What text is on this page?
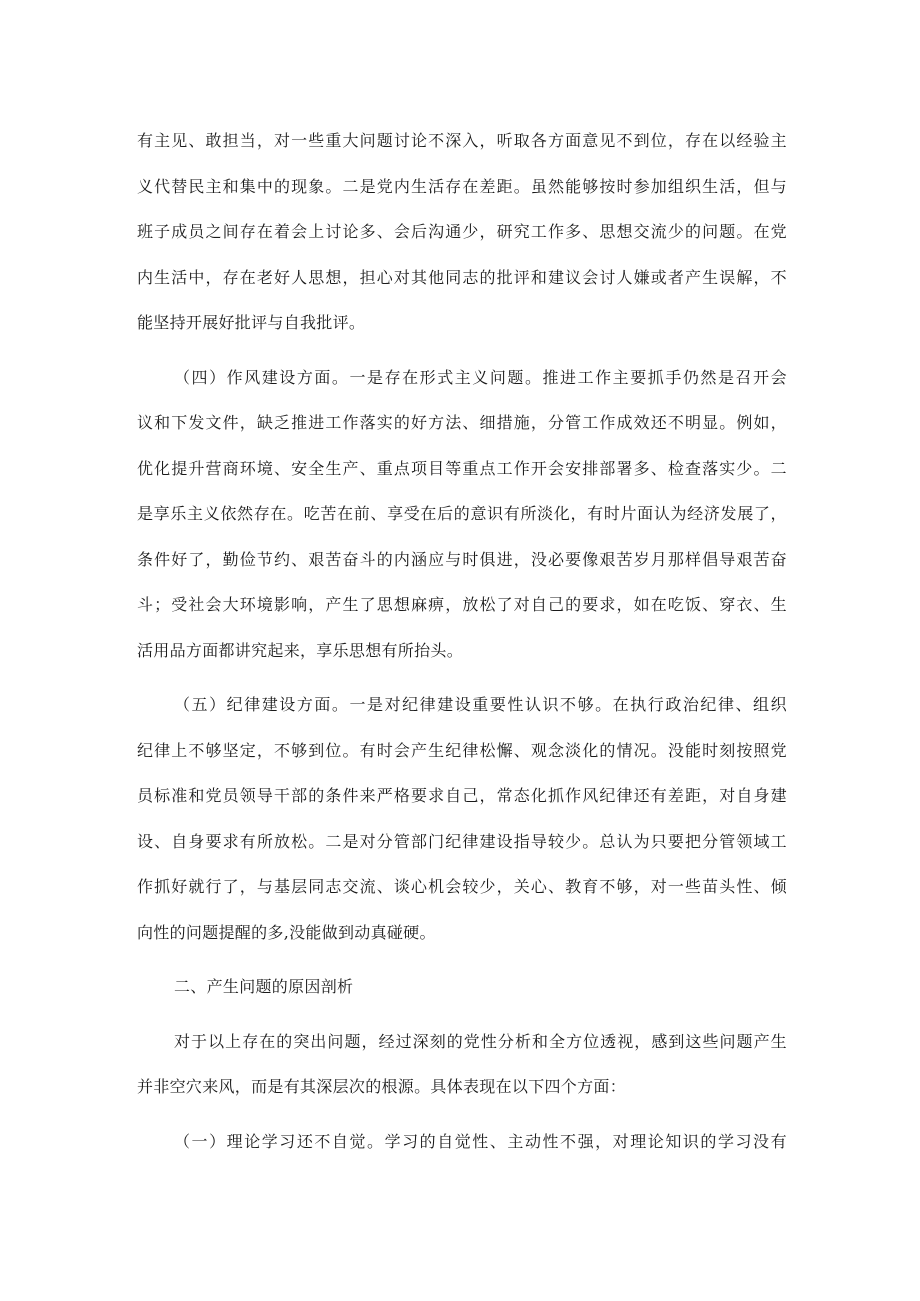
有 主 见 、 敢 担 当 ， 对 一 些 重 大 问 题 讨 论 不 深 入 ， 听 取 各 方 面 意 见 不 到 位 ， 存 在 以 经 验 主
义 代 替 民 主 和 集 中 的 现 象 。 二 是 党 内 生 活 存 在 差 距 。 虽 然 能 够 按 时 参 加 组 织 生 活 ， 但 与
班 子 成 员 之 间 存 在 着 会 上 讨 论 多 、 会 后 沟 通 少 ， 研 究 工 作 多 、 思 想 交 流 少 的 问 题 。 在 党
内 生 活 中 ， 存 在 老 好 人 思 想 ， 担 心 对 其 他 同 志 的 批 评 和 建 议 会 讨 人 嫌 或 者 产 生 误 解 ， 不
能坚持开展好批评与自我批评。
（ 四 ） 作 风 建 设 方 面 。 一 是 存 在 形 式 主 义 问 题 。 推 进 工 作 主 要 抓 手 仍 然 是 召 开 会
议 和 下 发 文 件 ， 缺 乏 推 进 工 作 落 实 的 好 方 法 、 细 措 施 ， 分 管 工 作 成 效 还 不 明 显 。 例 如 ，
优 化 提 升 营 商 环 境 、 安 全 生 产 、 重 点 项 目 等 重 点 工 作 开 会 安 排 部 署 多 、 检 查 落 实 少 。 二
是 享 乐 主 义 依 然 存 在 。 吃 苦 在 前 、 享 受 在 后 的 意 识 有 所 淡 化 ， 有 时 片 面 认 为 经 济 发 展 了 ，
条 件 好 了 ， 勤 俭 节 约 、 艰 苦 奋 斗 的 内 涵 应 与 时 俱 进 ， 没 必 要 像 艰 苦 岁 月 那 样 倡 导 艰 苦 奋
斗 ； 受 社 会 大 环 境 影 响 ， 产 生 了 思 想 麻 痹 ， 放 松 了 对 自 己 的 要 求 ， 如 在 吃 饭 、 穿 衣 、 生
活用品方面都讲究起来，享乐思想有所抬头。
（ 五 ） 纪 律 建 设 方 面 。 一 是 对 纪 律 建 设 重 要 性 认 识 不 够 。 在 执 行 政 治 纪 律 、 组 织
纪 律 上 不 够 坚 定 ， 不 够 到 位 。 有 时 会 产 生 纪 律 松 懈 、 观 念 淡 化 的 情 况 。 没 能 时 刻 按 照 党
员 标 准 和 党 员 领 导 干 部 的 条 件 来 严 格 要 求 自 己 ， 常 态 化 抓 作 风 纪 律 还 有 差 距 ， 对 自 身 建
设 、 自 身 要 求 有 所 放 松 。 二 是 对 分 管 部 门 纪 律 建 设 指 导 较 少 。 总 认 为 只 要 把 分 管 领 域 工
作 抓 好 就 行 了 ， 与 基 层 同 志 交 流 、 谈 心 机 会 较 少 ， 关 心 、 教 育 不 够 ， 对 一 些 苗 头 性 、 倾
向性的问题提醒的多,没能做到动真碰硬。
二、产生问题的原因剖析
对 于 以 上 存 在 的 突 出 问 题 ， 经 过 深 刻 的 党 性 分 析 和 全 方 位 透 视 ， 感 到 这 些 问 题 产 生
并非空穴来风，而是有其深层次的根源。具体表现在以下四个方面：
（ 一 ） 理 论 学 习 还 不 自 觉 。 学 习 的 自 觉 性 、 主 动 性 不 强 ， 对 理 论 知 识 的 学 习 没 有
